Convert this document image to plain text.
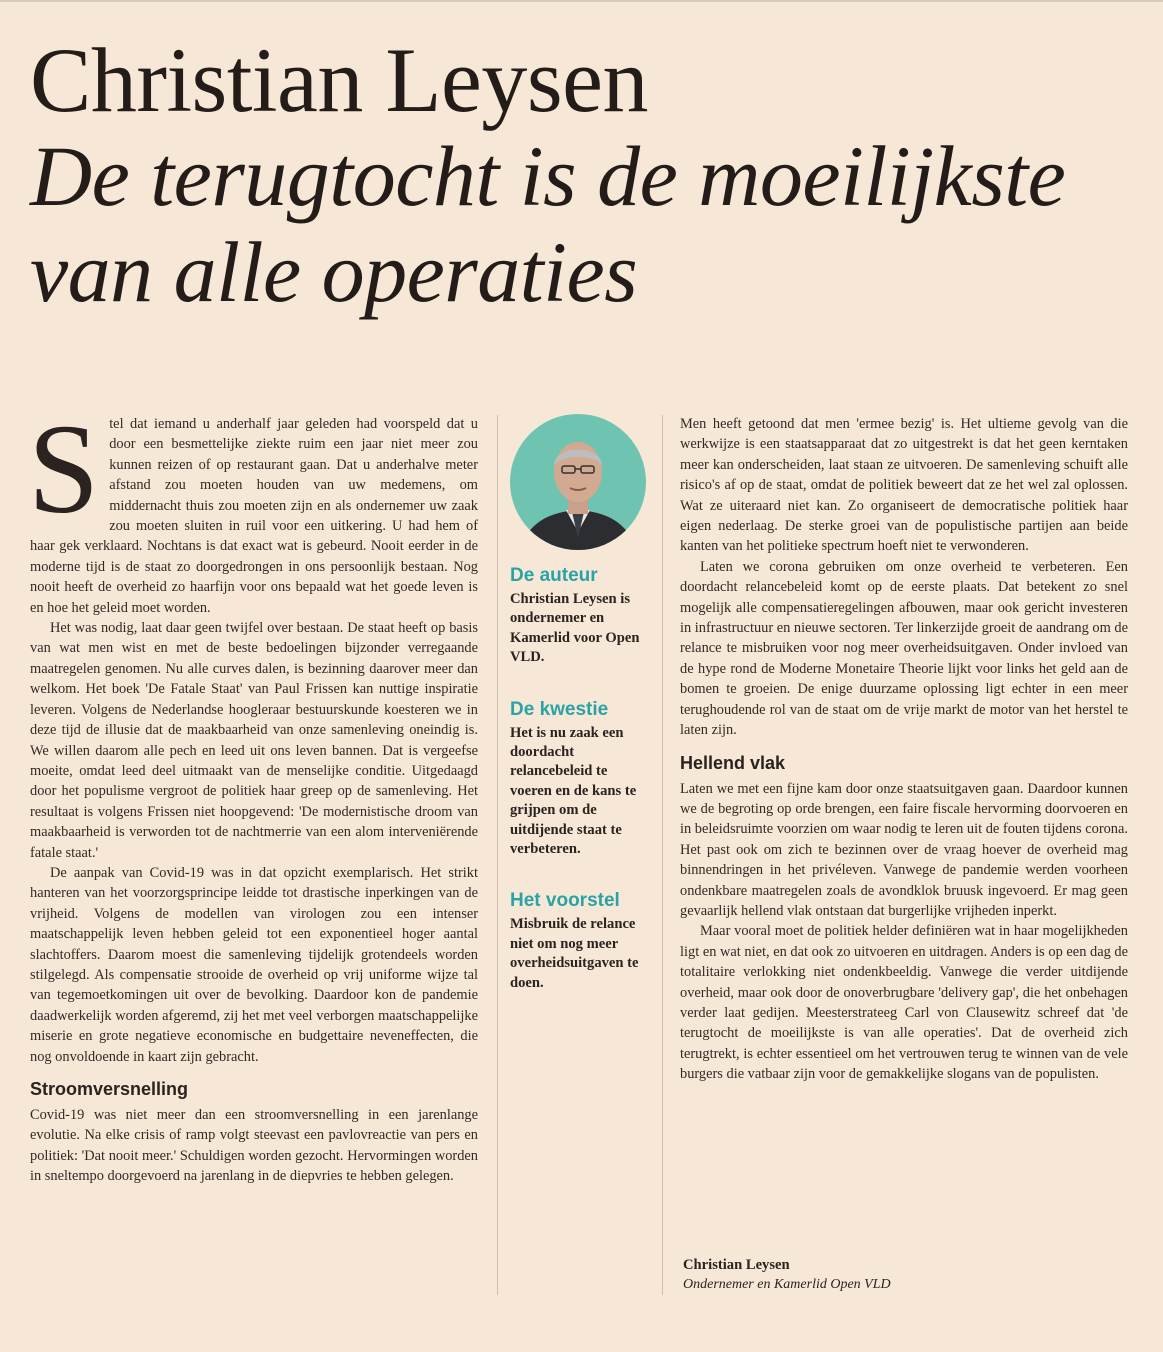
Christian Leysen
De terugtocht is de moeilijkste van alle operaties

Stel dat iemand u anderhalf jaar geleden had voorspeld dat u door een besmettelijke ziekte ruim een jaar niet meer zou kunnen reizen of op restaurant gaan. Dat u anderhalve meter afstand zou moeten houden van uw medemens, om middernacht thuis zou moeten zijn en als ondernemer uw zaak zou moeten sluiten in ruil voor een uitkering. U had hem of haar gek verklaard. Nochtans is dat exact wat is gebeurd. Nooit eerder in de moderne tijd is de staat zo doorgedrongen in ons persoonlijk bestaan. Nog nooit heeft de overheid zo haarfijn voor ons bepaald wat het goede leven is en hoe het geleid moet worden.

Het was nodig, laat daar geen twijfel over bestaan. De staat heeft op basis van wat men wist en met de beste bedoelingen bijzonder verregaande maatregelen genomen. Nu alle curves dalen, is bezinning daarover meer dan welkom. Het boek 'De Fatale Staat' van Paul Frissen kan nuttige inspiratie leveren. Volgens de Nederlandse hoogleraar bestuurskunde koesteren we in deze tijd de illusie dat de maakbaarheid van onze samenleving oneindig is. We willen daarom alle pech en leed uit ons leven bannen. Dat is vergeefse moeite, omdat leed deel uitmaakt van de menselijke conditie. Uitgedaagd door het populisme vergroot de politiek haar greep op de samenleving. Het resultaat is volgens Frissen niet hoopgevend: 'De modernistische droom van maakbaarheid is verworden tot de nachtmerrie van een alom interveniërende fatale staat.'

De aanpak van Covid-19 was in dat opzicht exemplarisch. Het strikt hanteren van het voorzorgsprincipe leidde tot drastische inperkingen van de vrijheid. Volgens de modellen van virologen zou een intenser maatschappelijk leven hebben geleid tot een exponentieel hoger aantal slachtoffers. Daarom moest die samenleving tijdelijk grotendeels worden stilgelegd. Als compensatie strooide de overheid op vrij uniforme wijze tal van tegemoetkomingen uit over de bevolking. Daardoor kon de pandemie daadwerkelijk worden afgeremd, zij het met veel verborgen maatschappelijke miserie en grote negatieve economische en budgettaire neveneffecten, die nog onvoldoende in kaart zijn gebracht.

Stroomversnelling

Covid-19 was niet meer dan een stroomversnelling in een jarenlange evolutie. Na elke crisis of ramp volgt steevast een pavlovreactie van pers en politiek: 'Dat nooit meer.' Schuldigen worden gezocht. Hervormingen worden in sneltempo doorgevoerd na jarenlang in de diepvries te hebben gelegen.

De auteur
Christian Leysen is ondernemer en Kamerlid voor Open VLD.
De kwestie
Het is nu zaak een doordacht relancebeleid te voeren en de kans te grijpen om de uitdijende staat te verbeteren.
Het voorstel
Misbruik de relance niet om nog meer overheidsuitgaven te doen.

Men heeft getoond dat men 'ermee bezig' is. Het ultieme gevolg van die werkwijze is een staatsapparaat dat zo uitgestrekt is dat het geen kerntaken meer kan onderscheiden, laat staan ze uitvoeren. De samenleving schuift alle risico's af op de staat, omdat de politiek beweert dat ze het wel zal oplossen. Wat ze uiteraard niet kan. Zo organiseert de democratische politiek haar eigen nederlaag. De sterke groei van de populistische partijen aan beide kanten van het politieke spectrum hoeft niet te verwonderen.

Laten we corona gebruiken om onze overheid te verbeteren. Een doordacht relancebeleid komt op de eerste plaats. Dat betekent zo snel mogelijk alle compensatieregelingen afbouwen, maar ook gericht investeren in infrastructuur en nieuwe sectoren. Ter linkerzijde groeit de aandrang om de relance te misbruiken voor nog meer overheidsuitgaven. Onder invloed van de hype rond de Moderne Monetaire Theorie lijkt voor links het geld aan de bomen te groeien. De enige duurzame oplossing ligt echter in een meer terughoudende rol van de staat om de vrije markt de motor van het herstel te laten zijn.

Hellend vlak

Laten we met een fijne kam door onze staatsuitgaven gaan. Daardoor kunnen we de begroting op orde brengen, een faire fiscale hervorming doorvoeren en in beleidsruimte voorzien om waar nodig te leren uit de fouten tijdens corona. Het past ook om zich te bezinnen over de vraag hoever de overheid mag binnendringen in het privéleven. Vanwege de pandemie werden voorheen ondenkbare maatregelen zoals de avondklok bruusk ingevoerd. Er mag geen gevaarlijk hellend vlak ontstaan dat burgerlijke vrijheden inperkt.

Maar vooral moet de politiek helder definiëren wat in haar mogelijkheden ligt en wat niet, en dat ook zo uitvoeren en uitdragen. Anders is op een dag de totalitaire verlokking niet ondenkbeeldig. Vanwege die verder uitdijende overheid, maar ook door de onoverbrugbare 'delivery gap', die het onbehagen verder laat gedijen. Meesterstrateeg Carl von Clausewitz schreef dat 'de terugtocht de moeilijkste is van alle operaties'. Dat de overheid zich terugtrekt, is echter essentieel om het vertrouwen terug te winnen van de vele burgers die vatbaar zijn voor de gemakkelijke slogans van de populisten.

Christian Leysen
Ondernemer en Kamerlid Open VLD
